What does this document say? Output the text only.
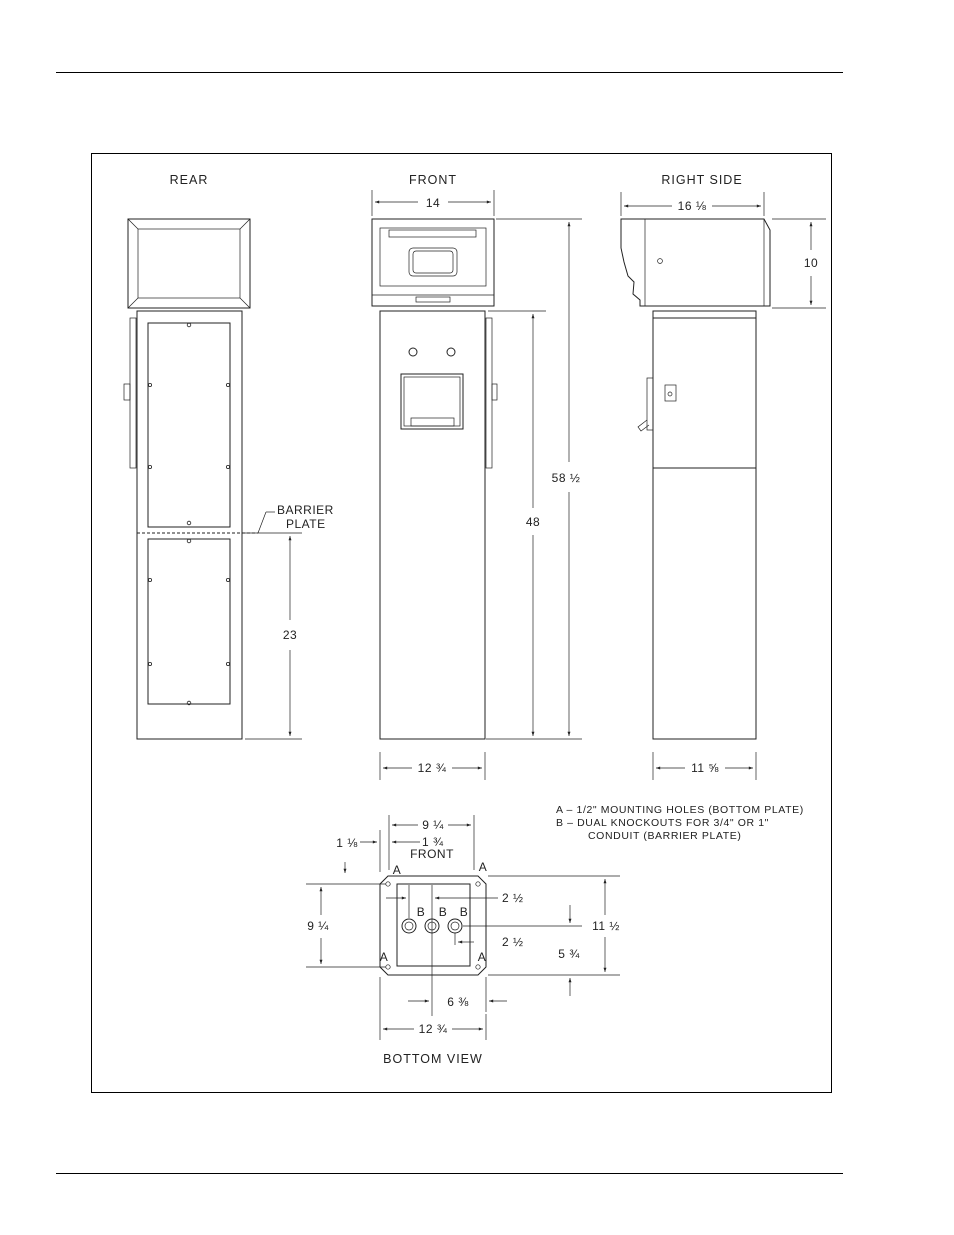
REAR	FRONT	RIGHT SIDE
BARRIER
PLATE
23
14
58 ½
48
12 ¾
16 ⅛
10
11 ⅝
A	A
A	A
B B B
FRONT
9 ¼
1 ¾
1 ⅛
9 ¼
2 ½
2 ½
11 ½
5 ¾
6 ⅜
12 ¾
BOTTOM VIEW
A – 1/2" MOUNTING HOLES (BOTTOM PLATE)
B – DUAL KNOCKOUTS FOR 3/4" OR 1"
CONDUIT (BARRIER PLATE)
